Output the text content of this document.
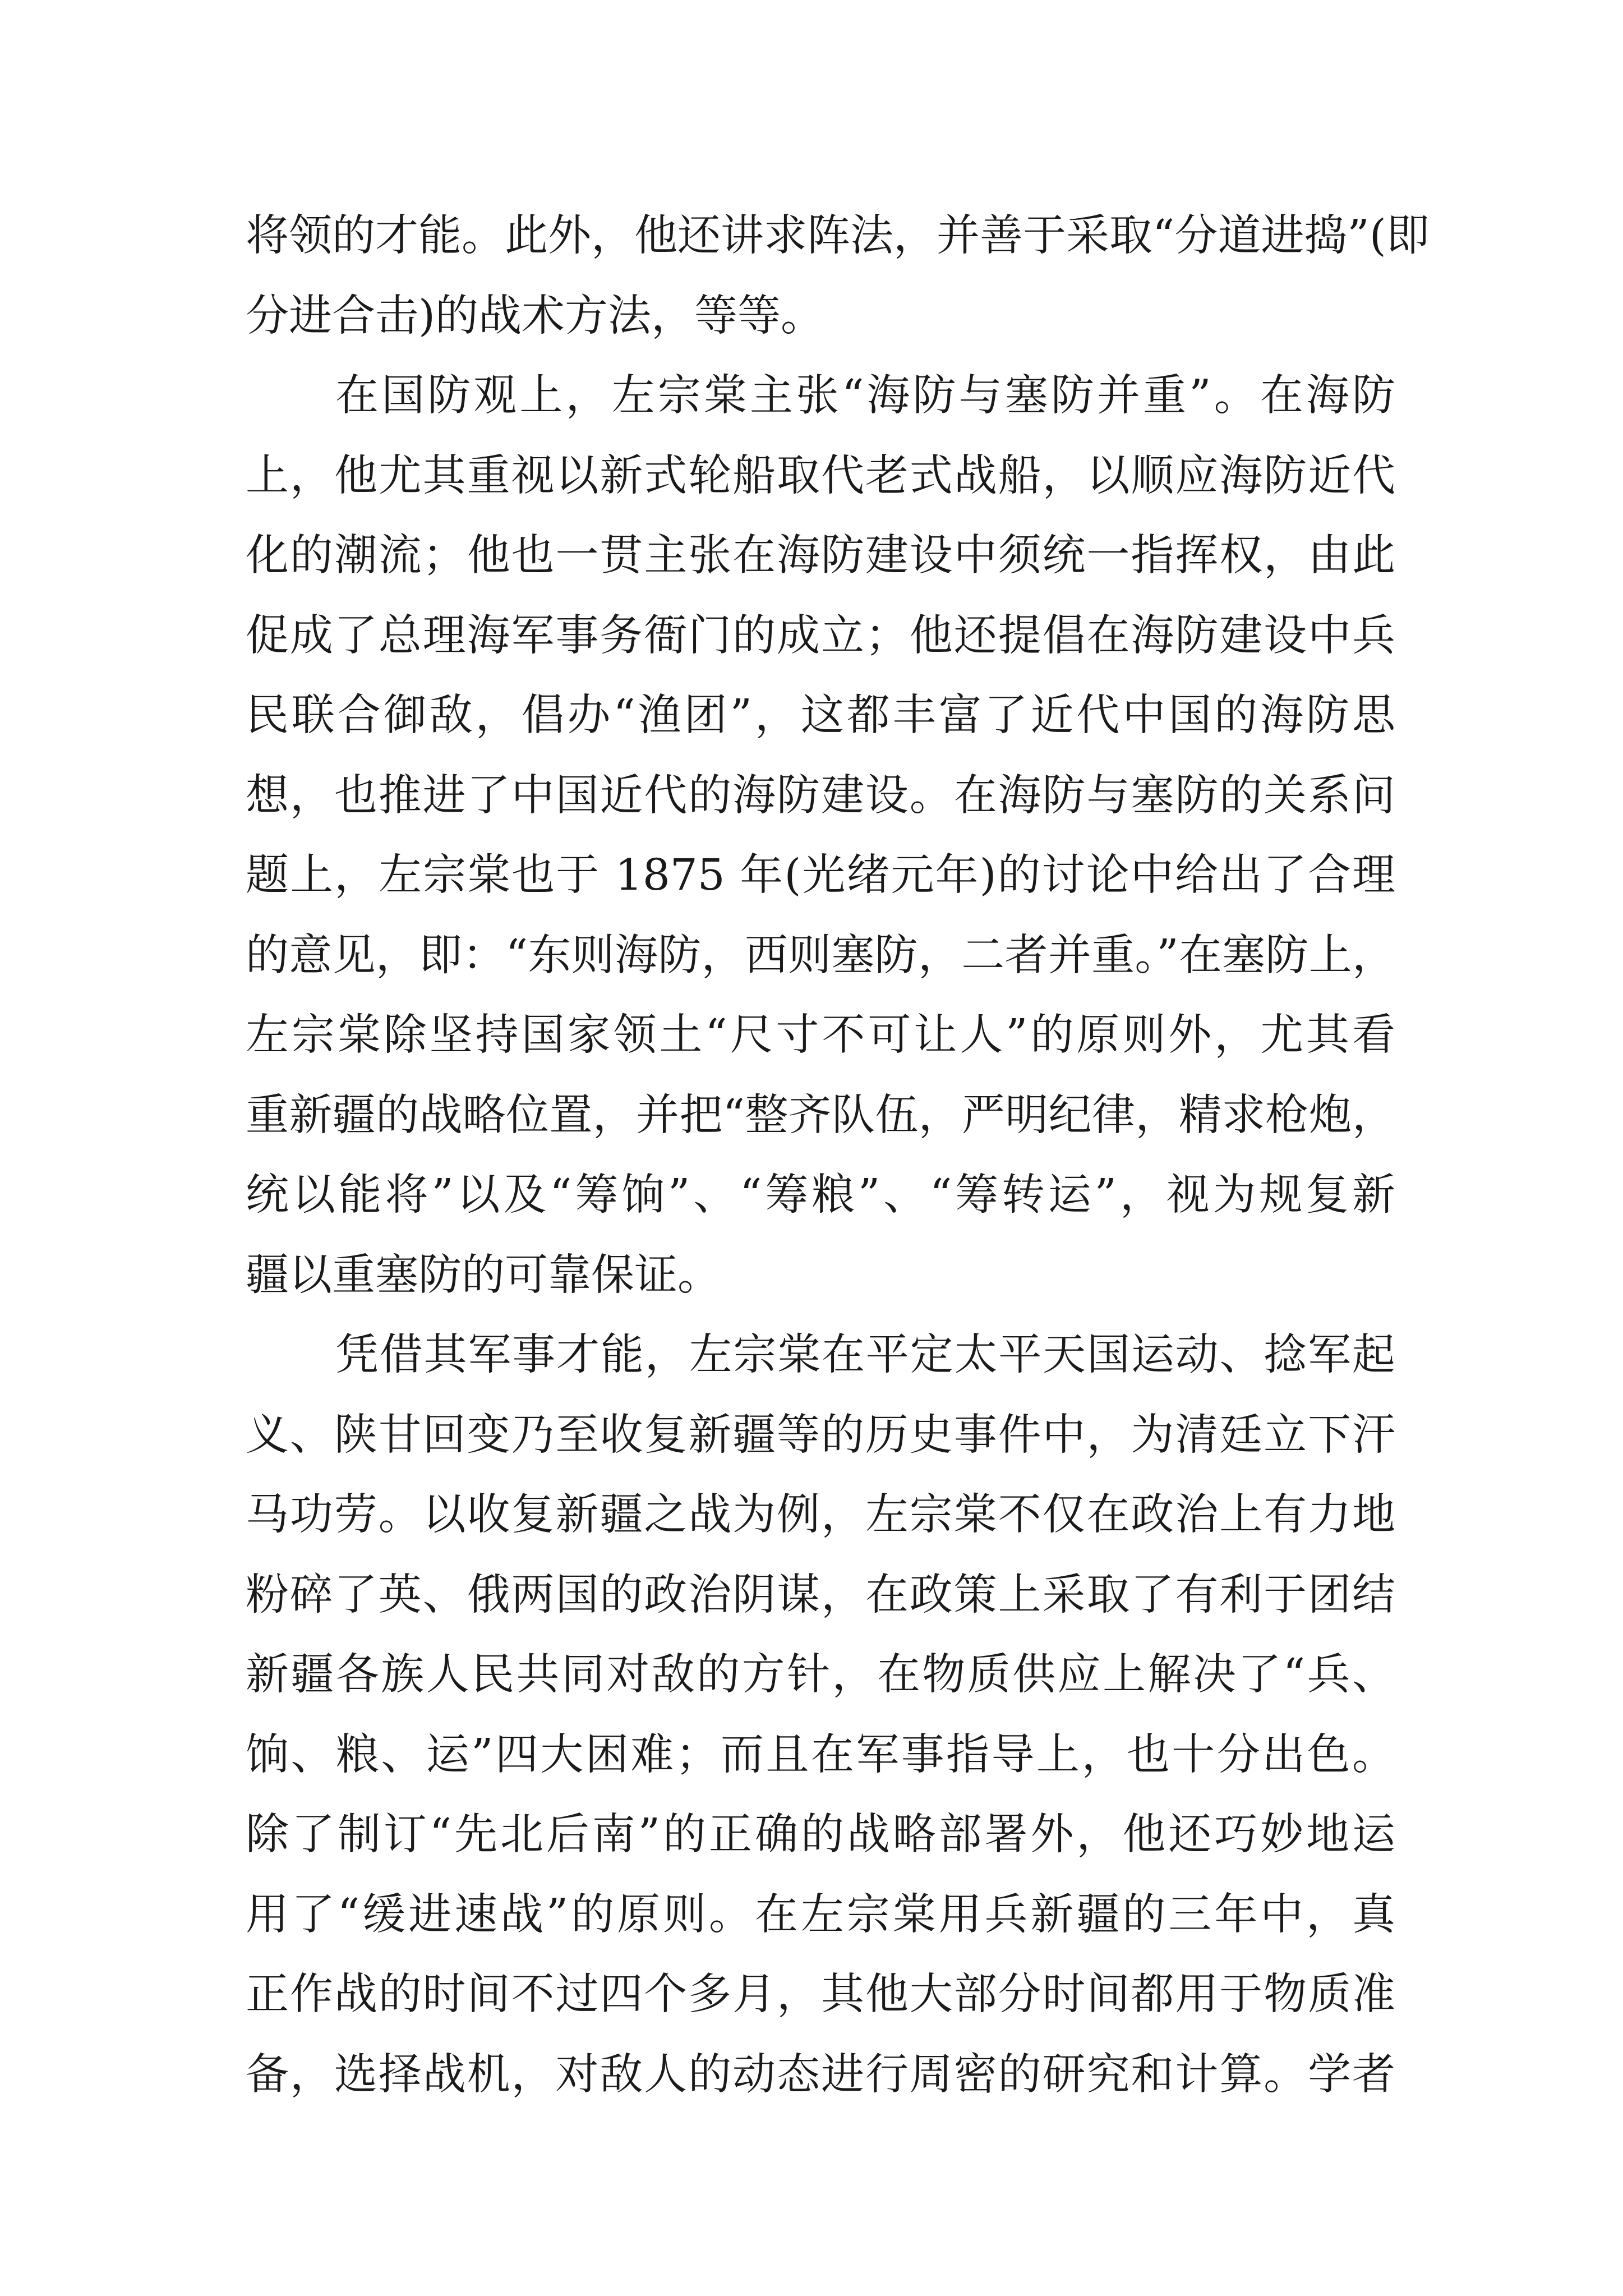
将领的才能。此外，他还讲求阵法，并善于采取“分道进捣”(即
分进合击)的战术方法，等等。
在国防观上，左宗棠主张“海防与塞防并重”。在海防
上，他尤其重视以新式轮船取代老式战船，以顺应海防近代
化的潮流；他也一贯主张在海防建设中须统一指挥权，由此
促成了总理海军事务衙门的成立；他还提倡在海防建设中兵
民联合御敌，倡办“渔团”，这都丰富了近代中国的海防思
想，也推进了中国近代的海防建设。在海防与塞防的关系问
题上，左宗棠也于 1875 年(光绪元年)的讨论中给出了合理
的意见，即：“东则海防，西则塞防，二者并重。”在塞防上，
左宗棠除坚持国家领土“尺寸不可让人”的原则外，尤其看
重新疆的战略位置，并把“整齐队伍，严明纪律，精求枪炮，
统以能将”以及“筹饷”、“筹粮”、“筹转运”，视为规复新
疆以重塞防的可靠保证。
凭借其军事才能，左宗棠在平定太平天国运动、捻军起
义、陕甘回变乃至收复新疆等的历史事件中，为清廷立下汗
马功劳。以收复新疆之战为例，左宗棠不仅在政治上有力地
粉碎了英、俄两国的政治阴谋，在政策上采取了有利于团结
新疆各族人民共同对敌的方针，在物质供应上解决了“兵、
饷、粮、运”四大困难；而且在军事指导上，也十分出色。
除了制订“先北后南”的正确的战略部署外，他还巧妙地运
用了“缓进速战”的原则。在左宗棠用兵新疆的三年中，真
正作战的时间不过四个多月，其他大部分时间都用于物质准
备，选择战机，对敌人的动态进行周密的研究和计算。学者
